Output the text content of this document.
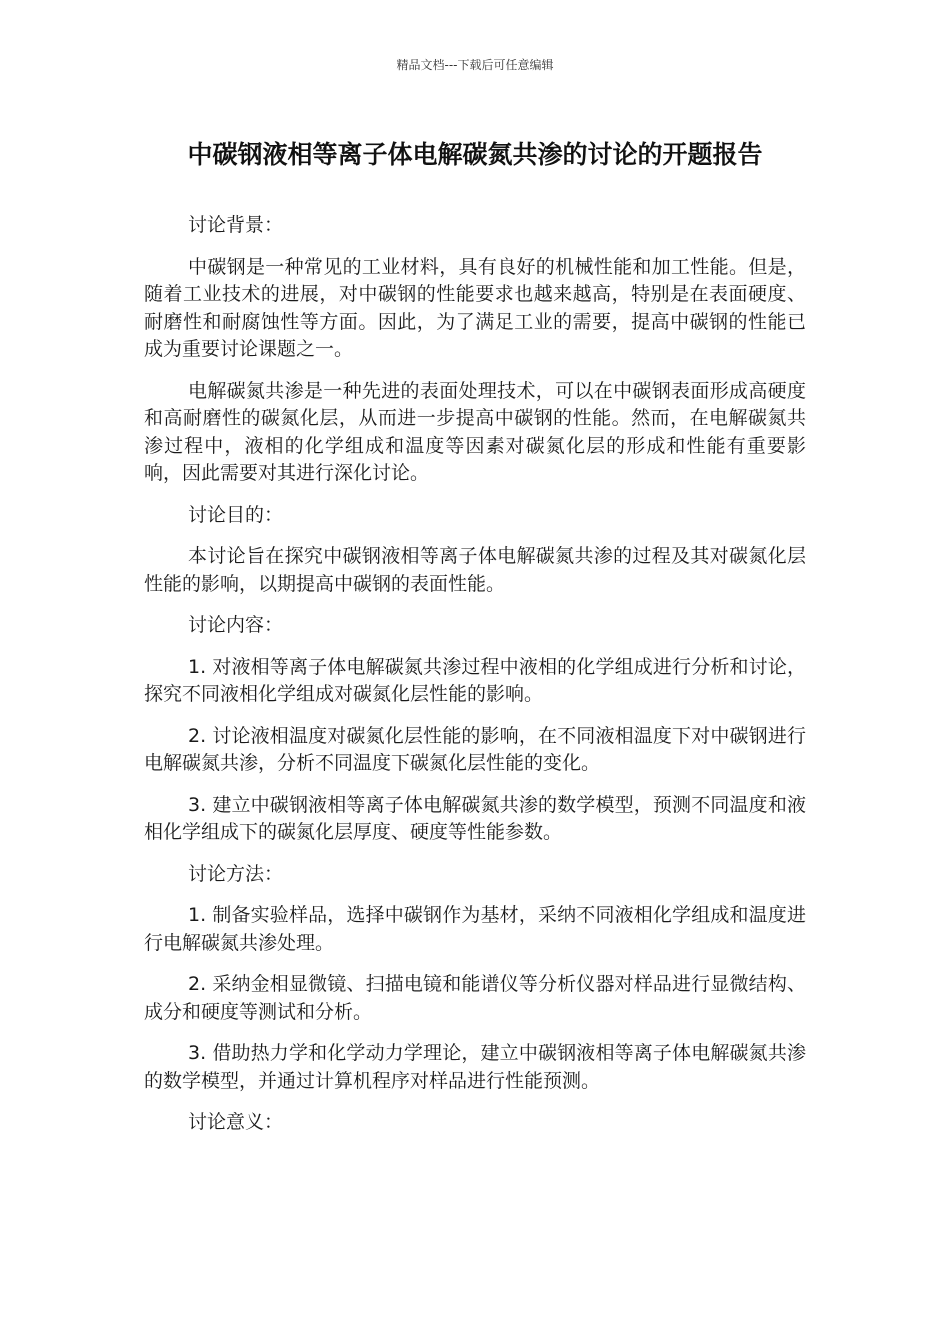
精品文档---下载后可任意编辑
中碳钢液相等离子体电解碳氮共渗的讨论的开题报告

讨论背景：

中碳钢是一种常见的工业材料，具有良好的机械性能和加工性能。但是，随着工业技术的进展，对中碳钢的性能要求也越来越高，特别是在表面硬度、耐磨性和耐腐蚀性等方面。因此，为了满足工业的需要，提高中碳钢的性能已成为重要讨论课题之一。

电解碳氮共渗是一种先进的表面处理技术，可以在中碳钢表面形成高硬度和高耐磨性的碳氮化层，从而进一步提高中碳钢的性能。然而，在电解碳氮共渗过程中，液相的化学组成和温度等因素对碳氮化层的形成和性能有重要影响，因此需要对其进行深化讨论。

讨论目的：

本讨论旨在探究中碳钢液相等离子体电解碳氮共渗的过程及其对碳氮化层性能的影响，以期提高中碳钢的表面性能。

讨论内容：

1. 对液相等离子体电解碳氮共渗过程中液相的化学组成进行分析和讨论，探究不同液相化学组成对碳氮化层性能的影响。

2. 讨论液相温度对碳氮化层性能的影响，在不同液相温度下对中碳钢进行电解碳氮共渗，分析不同温度下碳氮化层性能的变化。

3. 建立中碳钢液相等离子体电解碳氮共渗的数学模型，预测不同温度和液相化学组成下的碳氮化层厚度、硬度等性能参数。

讨论方法：

1. 制备实验样品，选择中碳钢作为基材，采纳不同液相化学组成和温度进行电解碳氮共渗处理。

2. 采纳金相显微镜、扫描电镜和能谱仪等分析仪器对样品进行显微结构、成分和硬度等测试和分析。

3. 借助热力学和化学动力学理论，建立中碳钢液相等离子体电解碳氮共渗的数学模型，并通过计算机程序对样品进行性能预测。

讨论意义：
